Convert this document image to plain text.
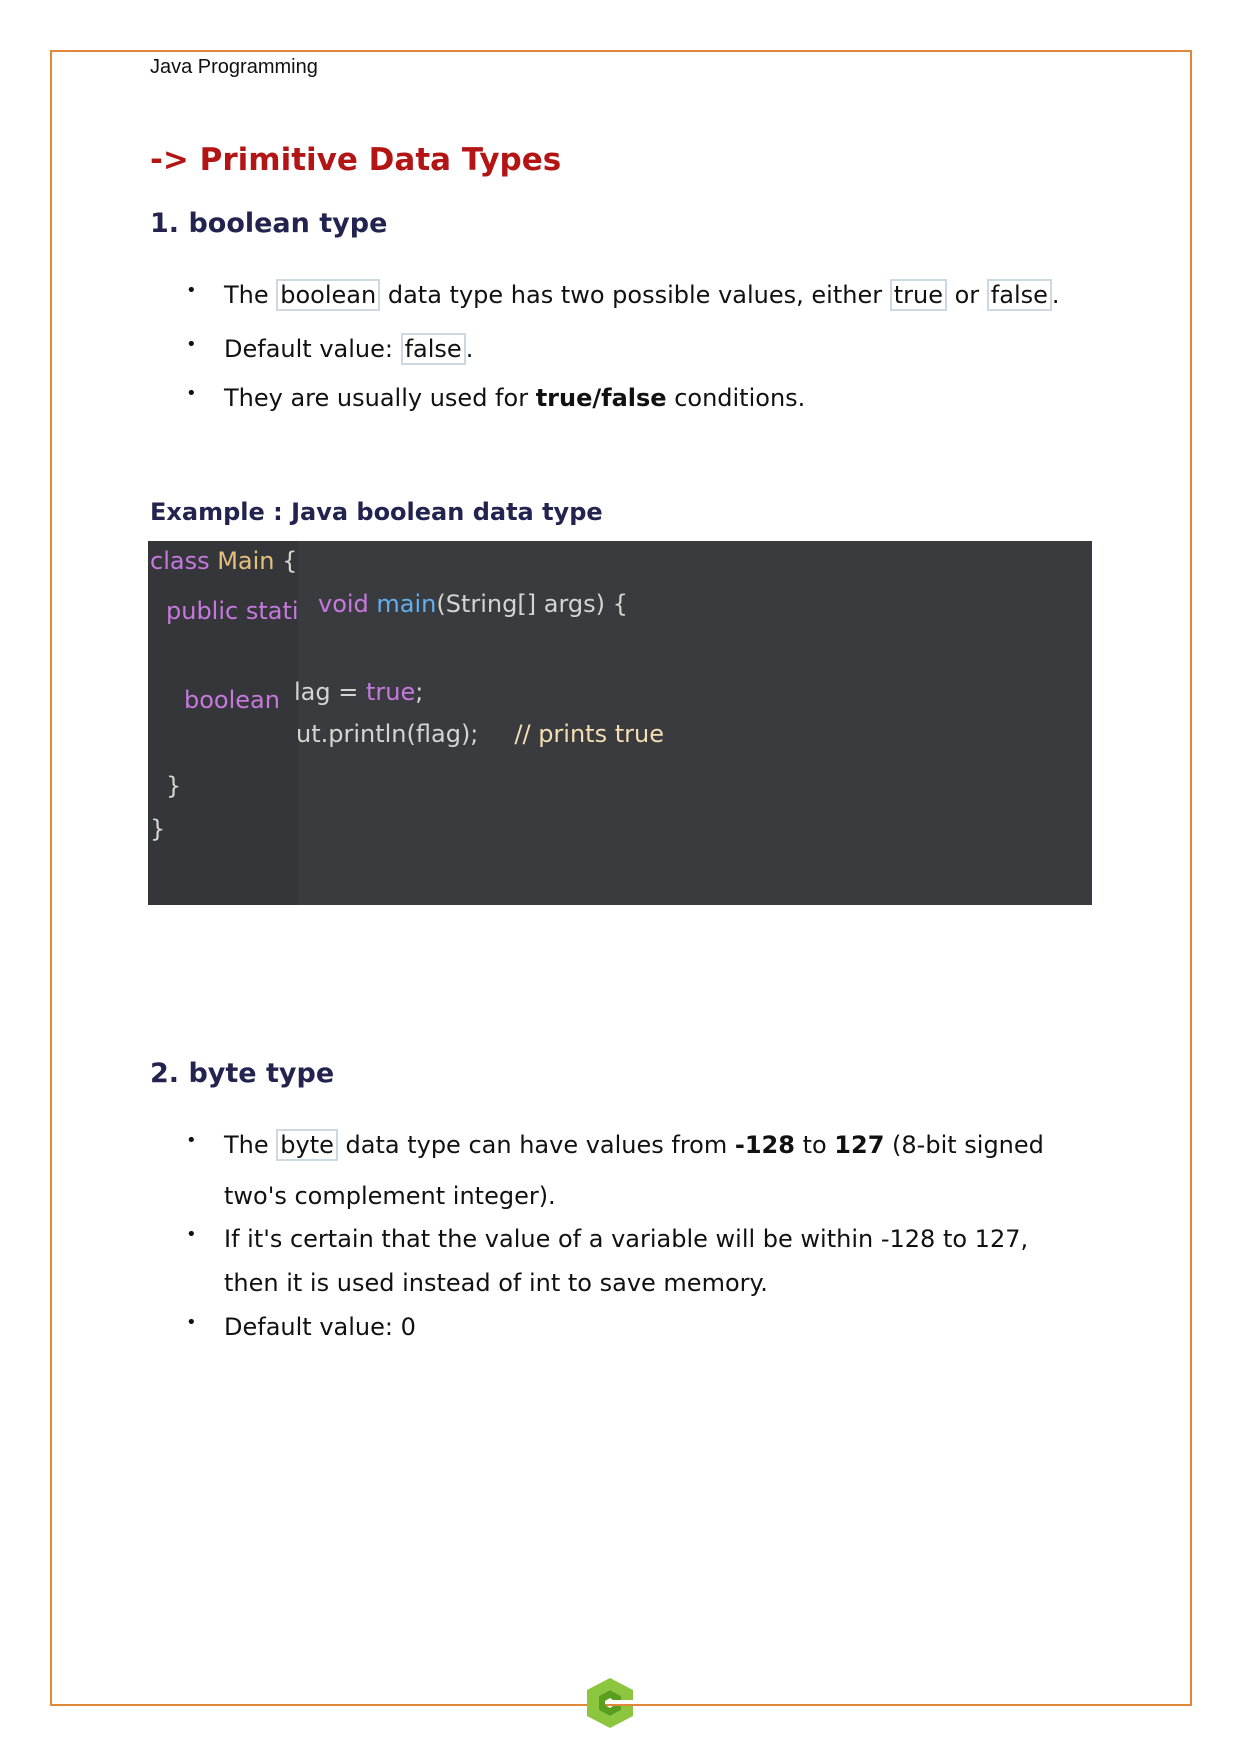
Java Programming
-> Primitive Data Types
1. boolean type
• The boolean data type has two possible values, either true or false .
• Default value: false .
• They are usually used for true/false conditions.
Example : Java boolean data type
class Main {
public stati void main(String[] args) {
boolean lag = true;
ut.println(flag); // prints true
}
}
2. byte type
• The byte data type can have values from -128 to 127 (8-bit signed
two's complement integer).
• If it's certain that the value of a variable will be within -128 to 127,
then it is used instead of int to save memory.
• Default value: 0
